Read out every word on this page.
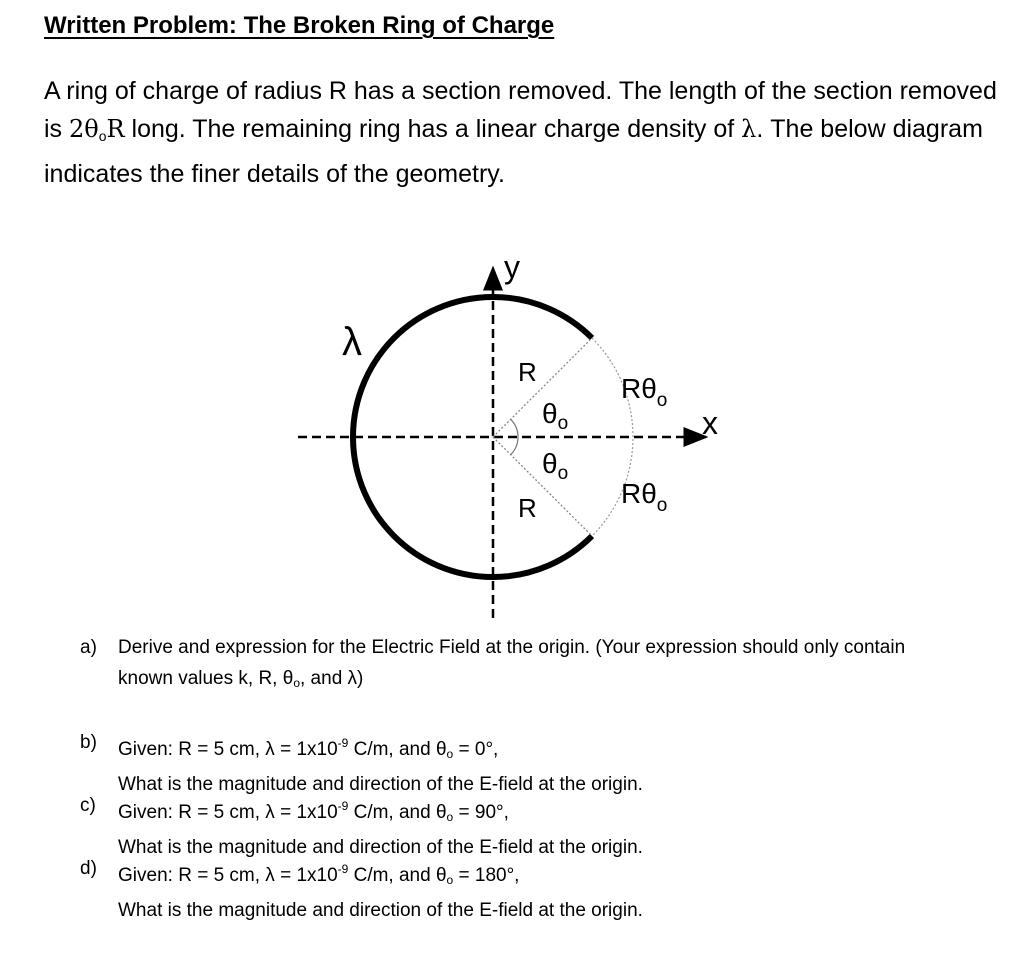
Written Problem: The Broken Ring of Charge
A ring of charge of radius R has a section removed. The length of the section removed is $2\theta_oR$ long. The remaining ring has a linear charge density of λ. The below diagram indicates the finer details of the geometry.
y
x
λ
R
R
$\theta_o$
$\theta_o$
$R\theta_o$
$R\theta_o$
a) Derive and expression for the Electric Field at the origin. (Your expression should only contain
known values k, R, θo, and λ)
b) Given: R = 5 cm, $\lambda = 1x10^{-9}$ C/m, and θo = 0°,
What is the magnitude and direction of the E-field at the origin.
c) Given: R = 5 cm, $\lambda = 1x10^{-9}$ C/m, and θo = 90°,
What is the magnitude and direction of the E-field at the origin.
d) Given: R = 5 cm, $\lambda = 1x10^{-9}$ C/m, and θo = 180°,
What is the magnitude and direction of the E-field at the origin.
